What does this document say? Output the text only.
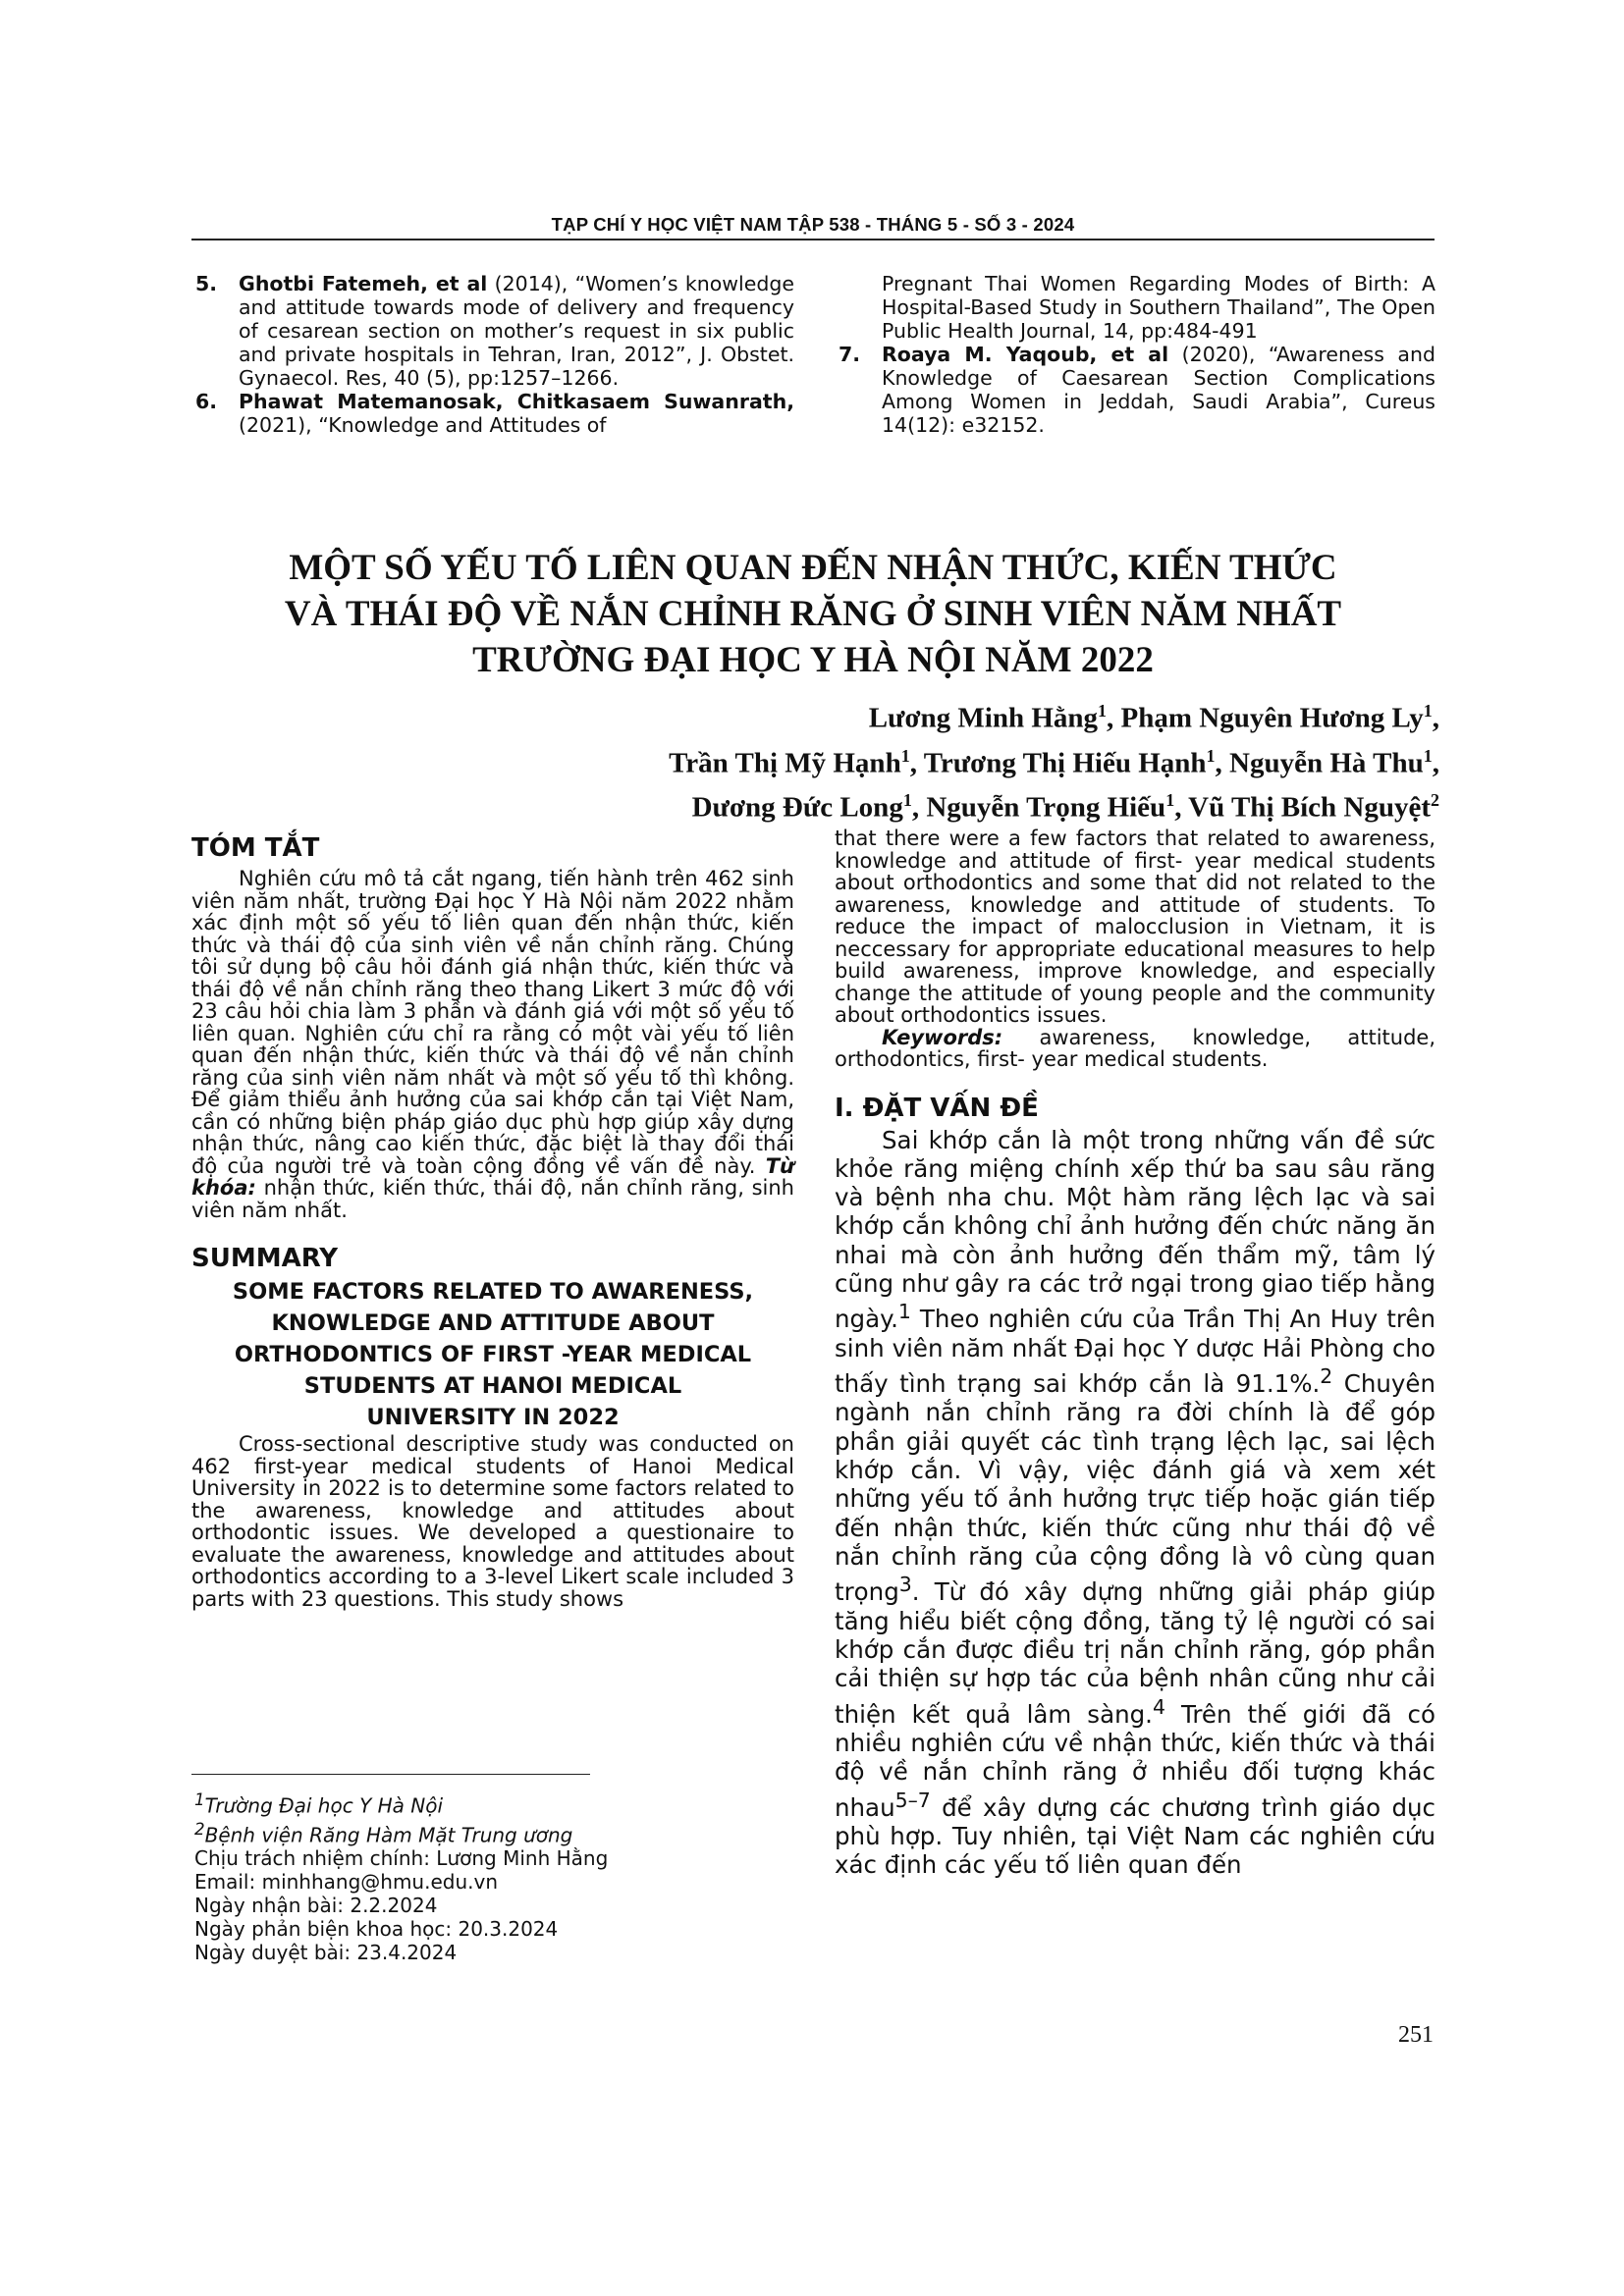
TẠP CHÍ Y HỌC VIỆT NAM TẬP 538 - THÁNG 5 - SỐ 3 - 2024
5.	Ghotbi Fatemeh, et al (2014), “Women’s knowledge and attitude towards mode of delivery and frequency of cesarean section on mother’s request in six public and private hospitals in Tehran, Iran, 2012”, J. Obstet. Gynaecol. Res, 40 (5), pp:1257–1266.
6.	Phawat Matemanosak, Chitkasaem Suwanrath, (2021), “Knowledge and Attitudes of
Pregnant Thai Women Regarding Modes of Birth: A Hospital-Based Study in Southern Thailand”, The Open Public Health Journal, 14, pp:484-491
7.	Roaya M. Yaqoub, et al (2020), “Awareness and Knowledge of Caesarean Section Complications Among Women in Jeddah, Saudi Arabia”, Cureus 14(12): e32152.
MỘT SỐ YẾU TỐ LIÊN QUAN ĐẾN NHẬN THỨC, KIẾN THỨC
VÀ THÁI ĐỘ VỀ NẮN CHỈNH RĂNG Ở SINH VIÊN NĂM NHẤT
TRƯỜNG ĐẠI HỌC Y HÀ NỘI NĂM 2022
Lương Minh Hằng$^1$, Phạm Nguyên Hương Ly$^1$,
Trần Thị Mỹ Hạnh$^1$, Trương Thị Hiếu Hạnh$^1$, Nguyễn Hà Thu$^1$,
Dương Đức Long$^1$, Nguyễn Trọng Hiếu$^1$, Vũ Thị Bích Nguyệt$^2$
TÓM TẮT

Nghiên cứu mô tả cắt ngang, tiến hành trên 462 sinh viên năm nhất, trường Đại học Y Hà Nội năm 2022 nhằm xác định một số yếu tố liên quan đến nhận thức, kiến thức và thái độ của sinh viên về nắn chỉnh răng. Chúng tôi sử dụng bộ câu hỏi đánh giá nhận thức, kiến thức và thái độ về nắn chỉnh răng theo thang Likert 3 mức độ với 23 câu hỏi chia làm 3 phần và đánh giá với một số yếu tố liên quan. Nghiên cứu chỉ ra rằng có một vài yếu tố liên quan đến nhận thức, kiến thức và thái độ về nắn chỉnh răng của sinh viên năm nhất và một số yếu tố thì không. Để giảm thiểu ảnh hưởng của sai khớp cắn tại Việt Nam, cần có những biện pháp giáo dục phù hợp giúp xây dựng nhận thức, nâng cao kiến thức, đặc biệt là thay đổi thái độ của người trẻ và toàn cộng đồng về vấn đề này. Từ khóa: nhận thức, kiến thức, thái độ, nắn chỉnh răng, sinh viên năm nhất.

SUMMARY

SOME FACTORS RELATED TO AWARENESS,

KNOWLEDGE AND ATTITUDE ABOUT

ORTHODONTICS OF FIRST -YEAR MEDICAL

STUDENTS AT HANOI MEDICAL

UNIVERSITY IN 2022

Cross-sectional descriptive study was conducted on 462 first-year medical students of Hanoi Medical University in 2022 is to determine some factors related to the awareness, knowledge and attitudes about orthodontic issues. We developed a questionaire to evaluate the awareness, knowledge and attitudes about orthodontics according to a 3-level Likert scale included 3 parts with 23 questions. This study shows

$^1$Trường Đại học Y Hà Nội
$^2$Bệnh viện Răng Hàm Mặt Trung ương
Chịu trách nhiệm chính: Lương Minh Hằng
Email: minhhang@hmu.edu.vn
Ngày nhận bài: 2.2.2024
Ngày phản biện khoa học: 20.3.2024
Ngày duyệt bài: 23.4.2024

that there were a few factors that related to awareness, knowledge and attitude of first- year medical students about orthodontics and some that did not related to the awareness, knowledge and attitude of students. To reduce the impact of malocclusion in Vietnam, it is neccessary for appropriate educational measures to help build awareness, improve knowledge, and especially change the attitude of young people and the community about orthodontics issues.

Keywords: awareness, knowledge, attitude, orthodontics, first- year medical students.

I. ĐẶT VẤN ĐỀ

Sai khớp cắn là một trong những vấn đề sức khỏe răng miệng chính xếp thứ ba sau sâu răng và bệnh nha chu. Một hàm răng lệch lạc và sai khớp cắn không chỉ ảnh hưởng đến chức năng ăn nhai mà còn ảnh hưởng đến thẩm mỹ, tâm lý cũng như gây ra các trở ngại trong giao tiếp hằng ngày.$^1$ Theo nghiên cứu của Trần Thị An Huy trên sinh viên năm nhất Đại học Y dược Hải Phòng cho thấy tình trạng sai khớp cắn là 91.1%.$^2$ Chuyên ngành nắn chỉnh răng ra đời chính là để góp phần giải quyết các tình trạng lệch lạc, sai lệch khớp cắn. Vì vậy, việc đánh giá và xem xét những yếu tố ảnh hưởng trực tiếp hoặc gián tiếp đến nhận thức, kiến thức cũng như thái độ về nắn chỉnh răng của cộng đồng là vô cùng quan trọng$^3$. Từ đó xây dựng những giải pháp giúp tăng hiểu biết cộng đồng, tăng tỷ lệ người có sai khớp cắn được điều trị nắn chỉnh răng, góp phần cải thiện sự hợp tác của bệnh nhân cũng như cải thiện kết quả lâm sàng.$^4$ Trên thế giới đã có nhiều nghiên cứu về nhận thức, kiến thức và thái độ về nắn chỉnh răng ở nhiều đối tượng khác nhau$^{5-7}$ để xây dựng các chương trình giáo dục phù hợp. Tuy nhiên, tại Việt Nam các nghiên cứu xác định các yếu tố liên quan đến

251
